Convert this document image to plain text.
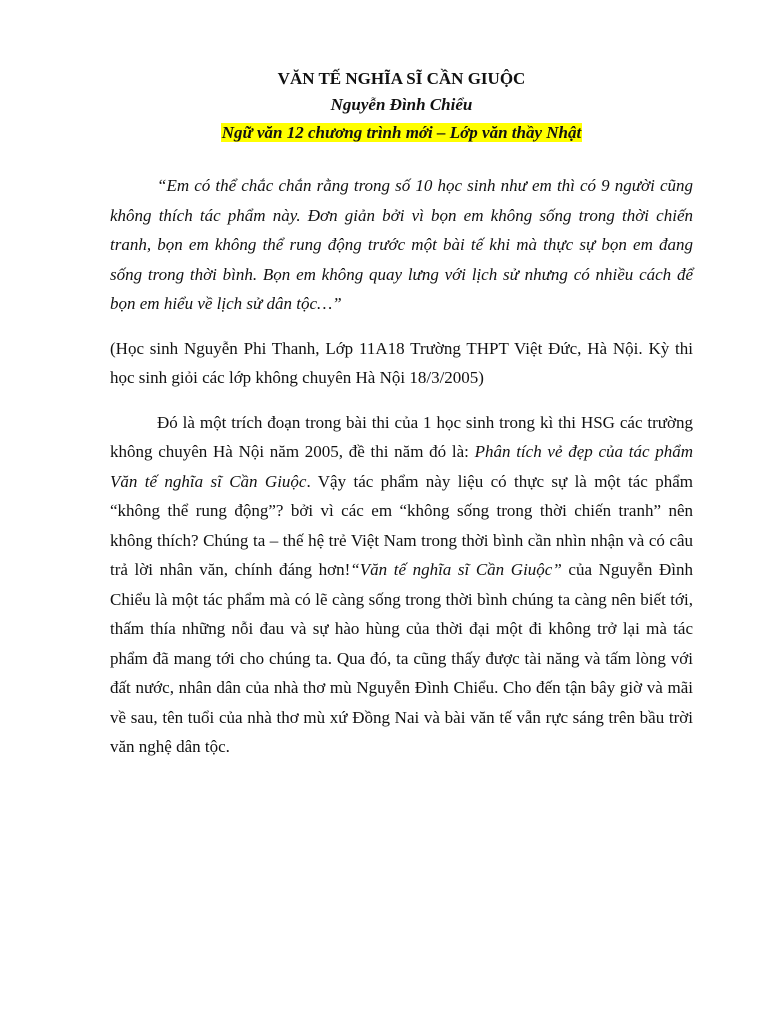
VĂN TẾ NGHĨA SĨ CẦN GIUỘC

Nguyễn Đình Chiểu

Ngữ văn 12 chương trình mới – Lớp văn thầy Nhật

“Em có thể chắc chắn rằng trong số 10 học sinh như em thì có 9 người cũng không thích tác phẩm này. Đơn giản bởi vì bọn em không sống trong thời chiến tranh, bọn em không thể rung động trước một bài tế khi mà thực sự bọn em đang sống trong thời bình. Bọn em không quay lưng với lịch sử nhưng có nhiều cách để bọn em hiểu về lịch sử dân tộc…”

(Học sinh Nguyễn Phi Thanh, Lớp 11A18 Trường THPT Việt Đức, Hà Nội. Kỳ thi học sinh giỏi các lớp không chuyên Hà Nội 18/3/2005)

Đó là một trích đoạn trong bài thi của 1 học sinh trong kì thi HSG các trường không chuyên Hà Nội năm 2005, đề thi năm đó là: Phân tích vẻ đẹp của tác phẩm Văn tế nghĩa sĩ Cần Giuộc. Vậy tác phẩm này liệu có thực sự là một tác phẩm “không thể rung động”? bởi vì các em “không sống trong thời chiến tranh” nên không thích? Chúng ta – thế hệ trẻ Việt Nam trong thời bình cần nhìn nhận và có câu trả lời nhân văn, chính đáng hơn!“Văn tế nghĩa sĩ Cần Giuộc” của Nguyễn Đình Chiểu là một tác phẩm mà có lẽ càng sống trong thời bình chúng ta càng nên biết tới, thấm thía những nỗi đau và sự hào hùng của thời đại một đi không trở lại mà tác phẩm đã mang tới cho chúng ta. Qua đó, ta cũng thấy được tài năng và tấm lòng với đất nước, nhân dân của nhà thơ mù Nguyễn Đình Chiểu. Cho đến tận bây giờ và mãi về sau, tên tuổi của nhà thơ mù xứ Đồng Nai và bài văn tế vẫn rực sáng trên bầu trời văn nghệ dân tộc.
